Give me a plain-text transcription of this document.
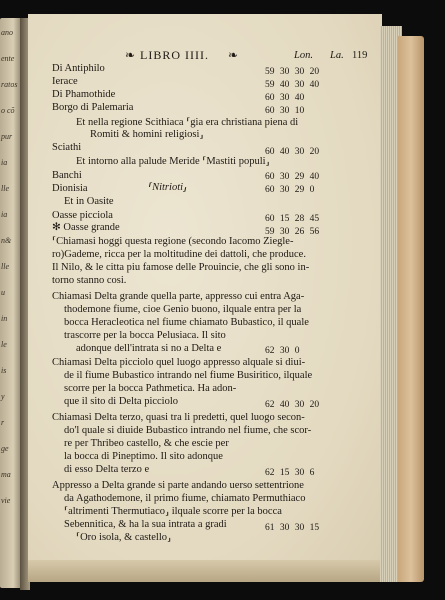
ano
ente
ratos
o cõ
pur
ia
lle
ia
n&
lle
u
in
le
is
y
r
ge
ma
vie
❧ LIBRO IIII. ❧	Lon. La. 119
Di Antiphilo	59 30 30 20
Ierace	59 40 30 40
Di Phamothide	60 30 40
Borgo di Palemaria	60 30 10
Et nella regione Scithiaca ⸢gia era christiana piena di
Romiti & homini religiosi⸥
Sciathi	60 40 30 20
Et intorno alla palude Meride ⸢Mastiti populi⸥
Banchi	60 30 29 40
Dionisia	⸢Nitrioti⸥	60 30 29 0
Et in Oasite
Oasse picciola	60 15 28 45
✻ Oasse grande	59 30 26 56
⸢Chiamasi hoggi questa regione (secondo Iacomo Ziegle-
ro)Gademe, ricca per la moltitudine dei dattoli, che produce.
Il Nilo, & le citta piu famose delle Prouincie, che gli sono in-
torno stanno cosi.
Chiamasi Delta grande quella parte, appresso cui entra Aga-
thodemone fiume, cioe Genio buono, ilquale entra per la
bocca Heracleotica nel fiume chiamato Bubastico, il quale
trascorre per la bocca Pelusiaca. Il sito
adonque dell'intrata si no a Delta e	62 30 0
Chiamasi Delta picciolo quel luogo appresso alquale si diui-
de il fiume Bubastico intrando nel fiume Busiritico, ilquale
scorre per la bocca Pathmetica. Ha adon-
que il sito di Delta picciolo	62 40 30 20
Chiamasi Delta terzo, quasi tra li predetti, quel luogo secon-
do'l quale si diuide Bubastico intrando nel fiume, che scor-
re per Thribeo castello, & che escie per
la bocca di Pineptimo. Il sito adonque
di esso Delta terzo e	62 15 30 6
Appresso a Delta grande si parte andando uerso settentrione
da Agathodemone, il primo fiume, chiamato Permuthiaco
⸢altrimenti Thermutiaco⸥ ilquale scorre per la bocca
Sebennitica, & ha la sua intrata a gradi	61 30 30 15
⸢Oro isola, & castello⸥
